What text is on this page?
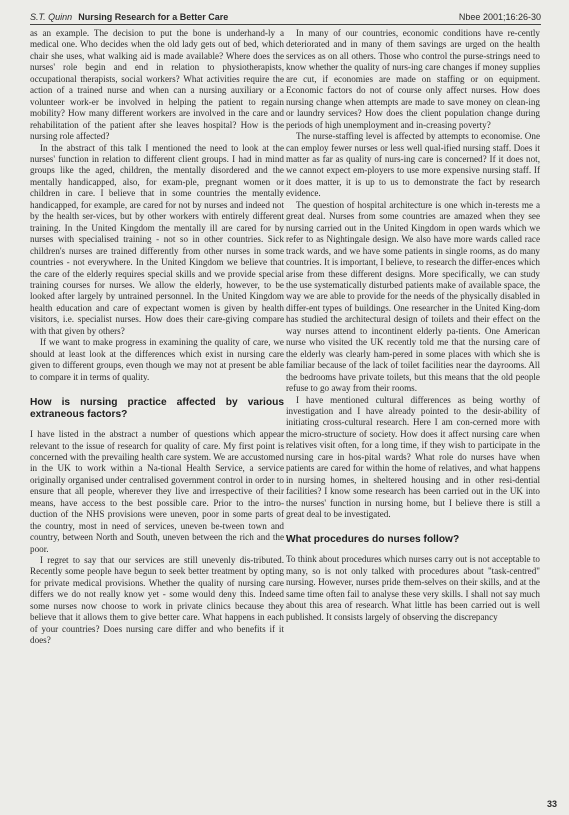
S.T. Quinn Nursing Research for a Better Care	Nbee 2001;16:26-30

as an example. The decision to put the bone is underhand-ly a medical one. Who decides when the old lady gets out of bed, which chair she uses, what walking aid is made available? Where does the nurses' role begin and end in relation to physiotherapists, occupational therapists, social workers? What activities require the action of a trained nurse and when can a nursing auxiliary or a volunteer work-er be involved in helping the patient to regain mobility? How many different workers are involved in the care and rehabilitation of the patient after she leaves hospital? How is the nursing role affected?

In the abstract of this talk I mentioned the need to look at the nurses' function in relation to different client groups. I had in mind groups like the aged, children, the mentally disordered and the mentally handicapped, also, for exam-ple, pregnant women or children in care. I believe that in some countries the mentally handicapped, for example, are cared for not by nurses and indeed not by the health ser-vices, but by other workers with entirely different training. In the United Kingdom the mentally ill are cared for by nurses with specialised training - not so in other countries. Sick children's nurses are trained differently from other nurses in some countries - not everywhere. In the United Kingdom we believe that the care of the elderly requires special skills and we provide special training courses for nurses. We allow the elderly, however, to be looked after largely by untrained personnel. In the United Kingdom health education and care of expectant women is given by health visitors, i.e. specialist nurses. How does their care-giving compare with that given by others?

If we want to make progress in examining the quality of care, we should at least look at the differences which exist in nursing care given to different groups, even though we may not at present be able to compare it in terms of quality.

How is nursing practice affected by various extraneous factors?

I have listed in the abstract a number of questions which appear relevant to the issue of research for quality of care. My first point is concerned with the prevailing health care system. We are accustomed in the UK to work within a Na-tional Health Service, a service originally organised under centralised government control in order to ensure that all people, wherever they live and irrespective of their means, have access to the best possible care. Prior to the intro-duction of the NHS provisions were uneven, poor in some parts of the country, most in need of services, uneven be-tween town and country, between North and South, uneven between the rich and the poor.

I regret to say that our services are still unevenly dis-tributed. Recently some people have begun to seek better treatment by opting for private medical provisions. Whether the quality of nursing care differs we do not really know yet - some would deny this. Indeed some nurses now choose to work in private clinics because they believe that it allows them to give better care. What happens in each of your countries? Does nursing care differ and who benefits if it does?

In many of our countries, economic conditions have re-cently deteriorated and in many of them savings are urged on the health services as on all others. Those who control the purse-strings need to know whether the quality of nurs-ing care changes if money supplies are cut, if economies are made on staffing or on equipment. Economic factors do not of course only affect nurses. How does nursing change when attempts are made to save money on clean-ing or laundry services? How does the client population change during periods of high unemployment and in-creasing poverty?

The nurse-staffing level is affected by attempts to economise. One can employ fewer nurses or less well qual-ified nursing staff. Does it matter as far as quality of nurs-ing care is concerned? If it does not, we cannot expect em-ployers to use more expensive nursing staff. If it does matter, it is up to us to demonstrate the fact by research evidence.

The question of hospital architecture is one which in-terests me a great deal. Nurses from some countries are amazed when they see nursing carried out in the United Kingdom in open wards which we refer to as Nightingale design. We also have more wards called race track wards, and we have some patients in single rooms, as do many countries. It is important, I believe, to research the differ-ences which arise from these different designs. More specifically, we can study the use systematically disturbed patients make of available space, the way we are able to provide for the needs of the physically disabled in differ-ent types of buildings. One researcher in the United King-dom has studied the architectural design of toilets and their effect on the way nurses attend to incontinent elderly pa-tients. One American nurse who visited the UK recently told me that the nursing care of the elderly was clearly ham-pered in some places with which she is familiar because of the lack of toilet facilities near the dayrooms. All the bedrooms have private toilets, but this means that the old people refuse to go away from their rooms.

I have mentioned cultural differences as being worthy of investigation and I have already pointed to the desir-ability of initiating cross-cultural research. Here I am con-cerned more with the micro-structure of society. How does it affect nursing care when relatives visit often, for a long time, if they wish to participate in the nursing care in hos-pital wards? What role do nurses have when patients are cared for within the home of relatives, and what happens in nursing homes, in sheltered housing and in other resi-dential facilities? I know some research has been carried out in the UK into the nurses' function in nursing home, but I believe there is still a great deal to be investigated.

What procedures do nurses follow?

To think about procedures which nurses carry out is not acceptable to many, so is not only talked with procedures about "task-centred" nursing. However, nurses pride them-selves on their skills, and at the same time often fail to analyse these very skills. I shall not say much about this area of research. What little has been carried out is well published. It consists largely of observing the discrepancy

33
